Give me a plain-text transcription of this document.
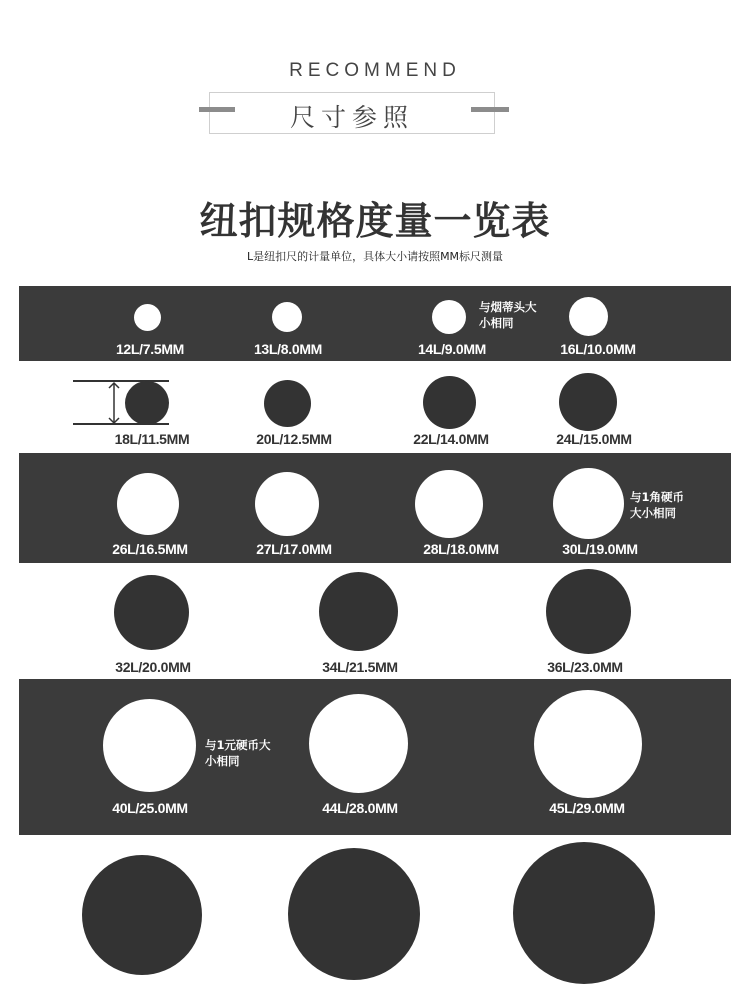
RECOMMEND
尺寸参照
纽扣规格度量一览表
L是纽扣尺的计量单位，具体大小请按照MM标尺测量
12L/7.5MM	13L/8.0MM	14L/9.0MM	16L/10.0MM
与烟蒂头大
小相同
18L/11.5MM	20L/12.5MM	22L/14.0MM	24L/15.0MM
26L/16.5MM	27L/17.0MM	28L/18.0MM	30L/19.0MM
与1角硬币
大小相同
32L/20.0MM	34L/21.5MM	36L/23.0MM
40L/25.0MM	44L/28.0MM	45L/29.0MM
与1元硬币大
小相同
